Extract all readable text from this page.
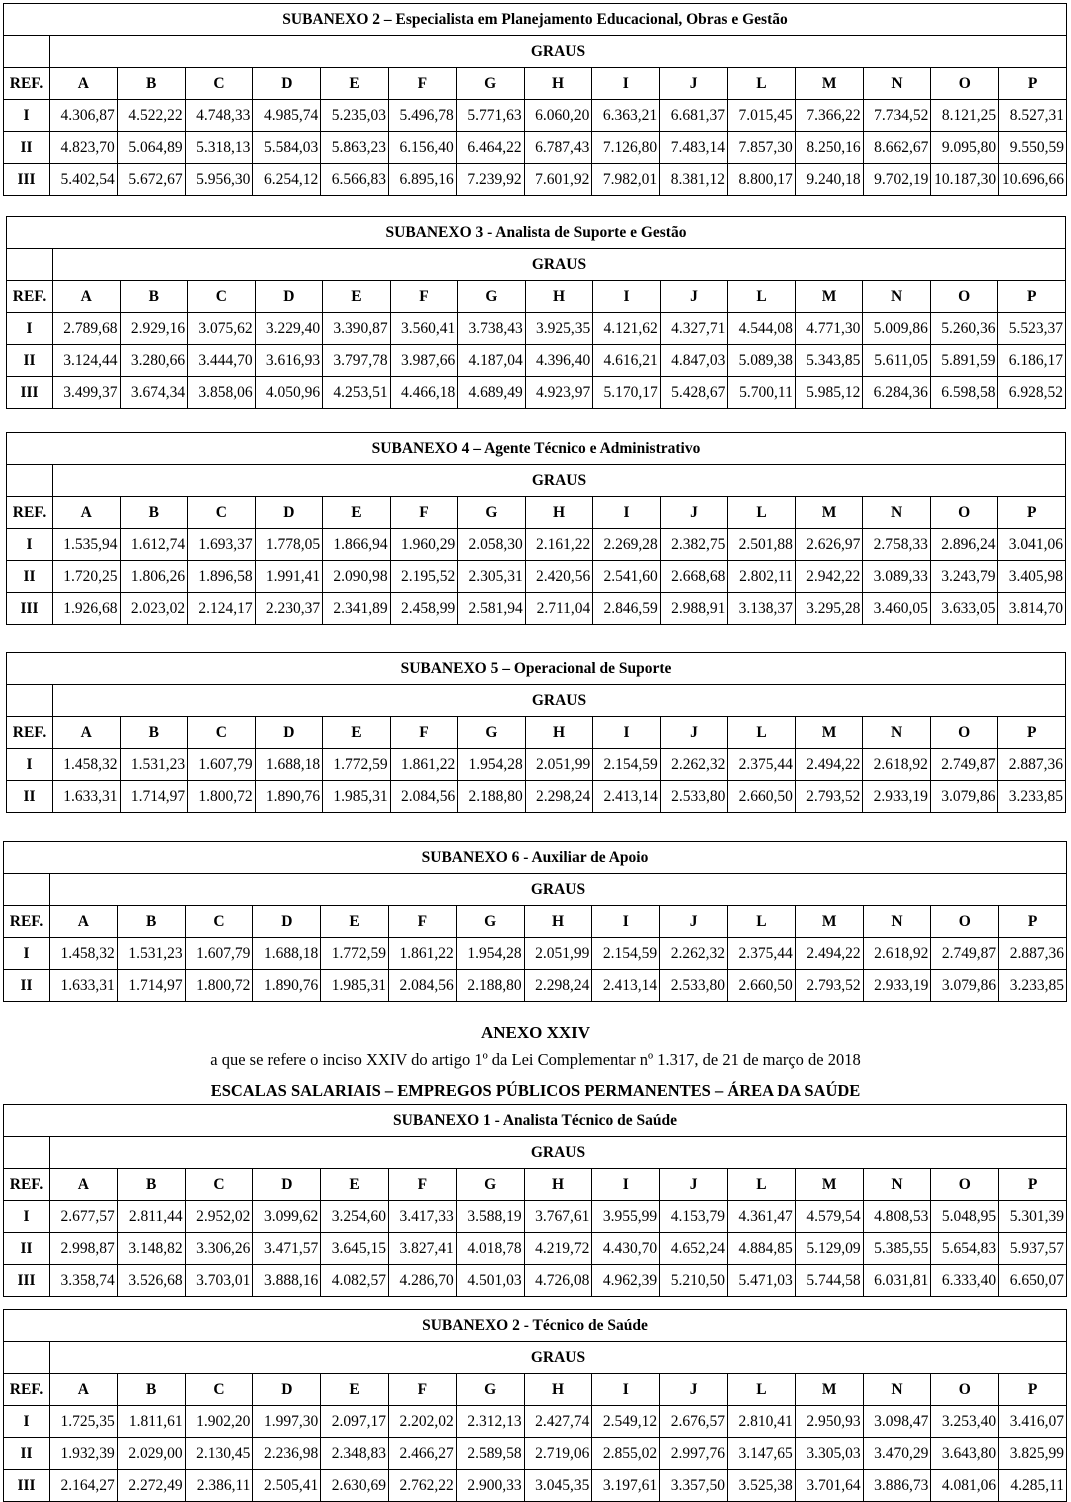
SUBANEXO 2 – Especialista em Planejamento Educacional, Obras e Gestão															
	GRAUS														
REF.	A	B	C	D	E	F	G	H	I	J	L	M	N	O	P
I	4.306,87	4.522,22	4.748,33	4.985,74	5.235,03	5.496,78	5.771,63	6.060,20	6.363,21	6.681,37	7.015,45	7.366,22	7.734,52	8.121,25	8.527,31
II	4.823,70	5.064,89	5.318,13	5.584,03	5.863,23	6.156,40	6.464,22	6.787,43	7.126,80	7.483,14	7.857,30	8.250,16	8.662,67	9.095,80	9.550,59
III	5.402,54	5.672,67	5.956,30	6.254,12	6.566,83	6.895,16	7.239,92	7.601,92	7.982,01	8.381,12	8.800,17	9.240,18	9.702,19	10.187,30	10.696,66
SUBANEXO 3 - Analista de Suporte e Gestão															
	GRAUS														
REF.	A	B	C	D	E	F	G	H	I	J	L	M	N	O	P
I	2.789,68	2.929,16	3.075,62	3.229,40	3.390,87	3.560,41	3.738,43	3.925,35	4.121,62	4.327,71	4.544,08	4.771,30	5.009,86	5.260,36	5.523,37
II	3.124,44	3.280,66	3.444,70	3.616,93	3.797,78	3.987,66	4.187,04	4.396,40	4.616,21	4.847,03	5.089,38	5.343,85	5.611,05	5.891,59	6.186,17
III	3.499,37	3.674,34	3.858,06	4.050,96	4.253,51	4.466,18	4.689,49	4.923,97	5.170,17	5.428,67	5.700,11	5.985,12	6.284,36	6.598,58	6.928,52
SUBANEXO 4 – Agente Técnico e Administrativo															
	GRAUS														
REF.	A	B	C	D	E	F	G	H	I	J	L	M	N	O	P
I	1.535,94	1.612,74	1.693,37	1.778,05	1.866,94	1.960,29	2.058,30	2.161,22	2.269,28	2.382,75	2.501,88	2.626,97	2.758,33	2.896,24	3.041,06
II	1.720,25	1.806,26	1.896,58	1.991,41	2.090,98	2.195,52	2.305,31	2.420,56	2.541,60	2.668,68	2.802,11	2.942,22	3.089,33	3.243,79	3.405,98
III	1.926,68	2.023,02	2.124,17	2.230,37	2.341,89	2.458,99	2.581,94	2.711,04	2.846,59	2.988,91	3.138,37	3.295,28	3.460,05	3.633,05	3.814,70
SUBANEXO 5 – Operacional de Suporte															
	GRAUS														
REF.	A	B	C	D	E	F	G	H	I	J	L	M	N	O	P
I	1.458,32	1.531,23	1.607,79	1.688,18	1.772,59	1.861,22	1.954,28	2.051,99	2.154,59	2.262,32	2.375,44	2.494,22	2.618,92	2.749,87	2.887,36
II	1.633,31	1.714,97	1.800,72	1.890,76	1.985,31	2.084,56	2.188,80	2.298,24	2.413,14	2.533,80	2.660,50	2.793,52	2.933,19	3.079,86	3.233,85
SUBANEXO 6 - Auxiliar de Apoio															
	GRAUS														
REF.	A	B	C	D	E	F	G	H	I	J	L	M	N	O	P
I	1.458,32	1.531,23	1.607,79	1.688,18	1.772,59	1.861,22	1.954,28	2.051,99	2.154,59	2.262,32	2.375,44	2.494,22	2.618,92	2.749,87	2.887,36
II	1.633,31	1.714,97	1.800,72	1.890,76	1.985,31	2.084,56	2.188,80	2.298,24	2.413,14	2.533,80	2.660,50	2.793,52	2.933,19	3.079,86	3.233,85
ANEXO XXIV
a que se refere o inciso XXIV do artigo 1º da Lei Complementar nº 1.317, de 21 de março de 2018
ESCALAS SALARIAIS – EMPREGOS PÚBLICOS PERMANENTES – ÁREA DA SAÚDE
SUBANEXO 1 - Analista Técnico de Saúde															
	GRAUS														
REF.	A	B	C	D	E	F	G	H	I	J	L	M	N	O	P
I	2.677,57	2.811,44	2.952,02	3.099,62	3.254,60	3.417,33	3.588,19	3.767,61	3.955,99	4.153,79	4.361,47	4.579,54	4.808,53	5.048,95	5.301,39
II	2.998,87	3.148,82	3.306,26	3.471,57	3.645,15	3.827,41	4.018,78	4.219,72	4.430,70	4.652,24	4.884,85	5.129,09	5.385,55	5.654,83	5.937,57
III	3.358,74	3.526,68	3.703,01	3.888,16	4.082,57	4.286,70	4.501,03	4.726,08	4.962,39	5.210,50	5.471,03	5.744,58	6.031,81	6.333,40	6.650,07
SUBANEXO 2 - Técnico de Saúde															
	GRAUS														
REF.	A	B	C	D	E	F	G	H	I	J	L	M	N	O	P
I	1.725,35	1.811,61	1.902,20	1.997,30	2.097,17	2.202,02	2.312,13	2.427,74	2.549,12	2.676,57	2.810,41	2.950,93	3.098,47	3.253,40	3.416,07
II	1.932,39	2.029,00	2.130,45	2.236,98	2.348,83	2.466,27	2.589,58	2.719,06	2.855,02	2.997,76	3.147,65	3.305,03	3.470,29	3.643,80	3.825,99
III	2.164,27	2.272,49	2.386,11	2.505,41	2.630,69	2.762,22	2.900,33	3.045,35	3.197,61	3.357,50	3.525,38	3.701,64	3.886,73	4.081,06	4.285,11
